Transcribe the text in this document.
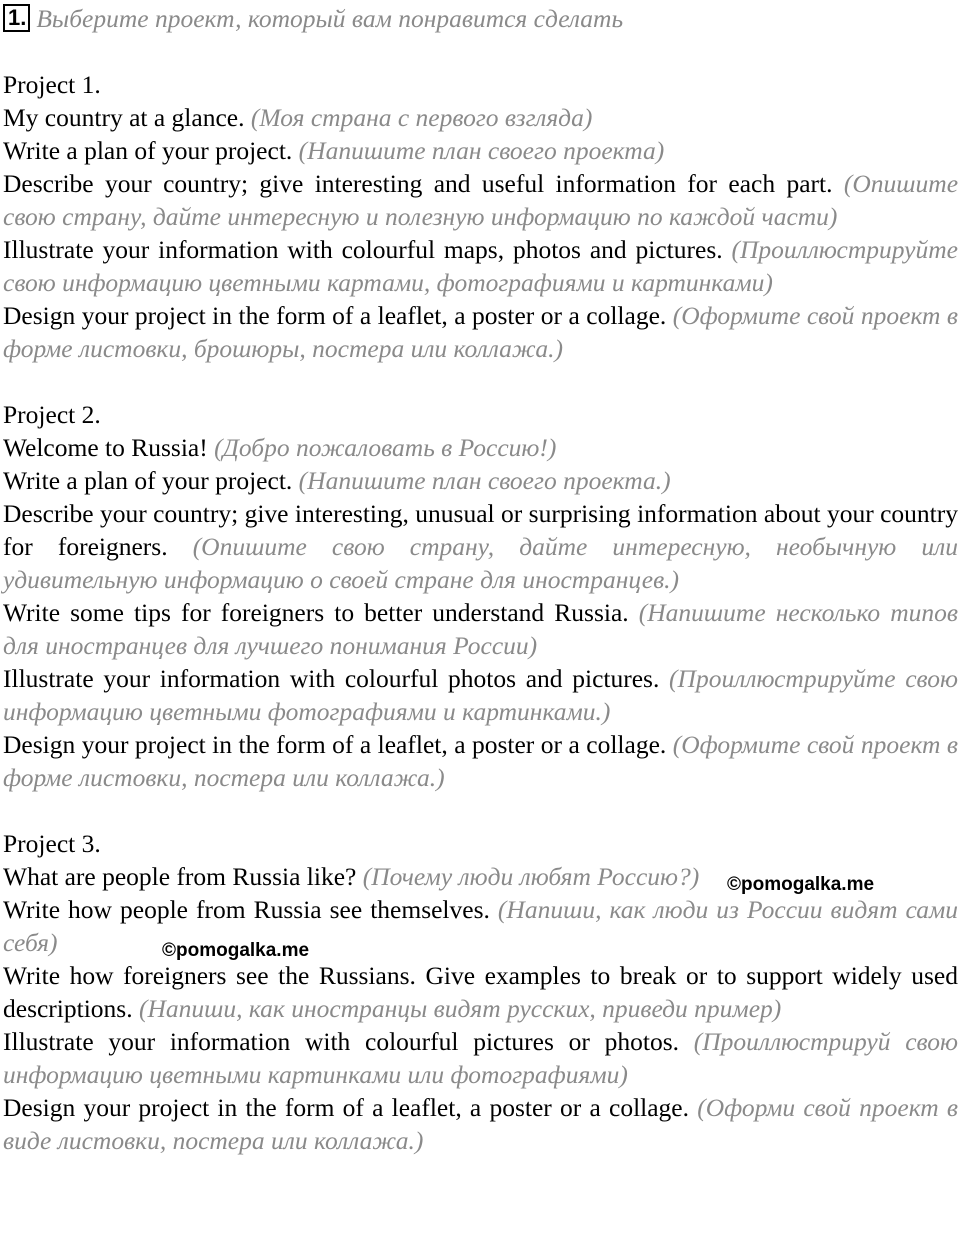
1. Выберите проект, который вам понравится сделать

Project 1.

My country at a glance. (Моя страна с первого взгляда)

Write a plan of your project. (Напишите план своего проекта)

Describe your country; give interesting and useful information for each part. (Опишите свою страну, дайте интересную и полезную информацию по каждой части)

Illustrate your information with colourful maps, photos and pictures. (Проиллюстрируйте свою информацию цветными картами, фотографиями и картинками)

Design your project in the form of a leaflet, a poster or a collage. (Оформите свой проект в форме листовки, брошюры, постера или коллажа.)

Project 2.

Welcome to Russia! (Добро пожаловать в Россию!)

Write a plan of your project. (Напишите план своего проекта.)

Describe your country; give interesting, unusual or surprising information about your country for foreigners. (Опишите свою страну, дайте интересную, необычную или удивительную информацию о своей стране для иностранцев.)

Write some tips for foreigners to better understand Russia. (Напишите несколько типов для иностранцев для лучшего понимания России)

Illustrate your information with colourful photos and pictures. (Проиллюстрируйте свою информацию цветными фотографиями и картинками.)

Design your project in the form of a leaflet, a poster or a collage. (Оформите свой проект в форме листовки, постера или коллажа.)

Project 3.

What are people from Russia like? (Почему люди любят Россию?)

Write how people from Russia see themselves. (Напиши, как люди из России видят сами себя)

Write how foreigners see the Russians. Give examples to break or to support widely used descriptions. (Напиши, как иностранцы видят русских, приведи пример)

Illustrate your information with colourful pictures or photos. (Проиллюстрируй свою информацию цветными картинками или фотографиями)

Design your project in the form of a leaflet, a poster or a collage. (Оформи свой проект в виде листовки, постера или коллажа.)

©pomogalka.me
©pomogalka.me
